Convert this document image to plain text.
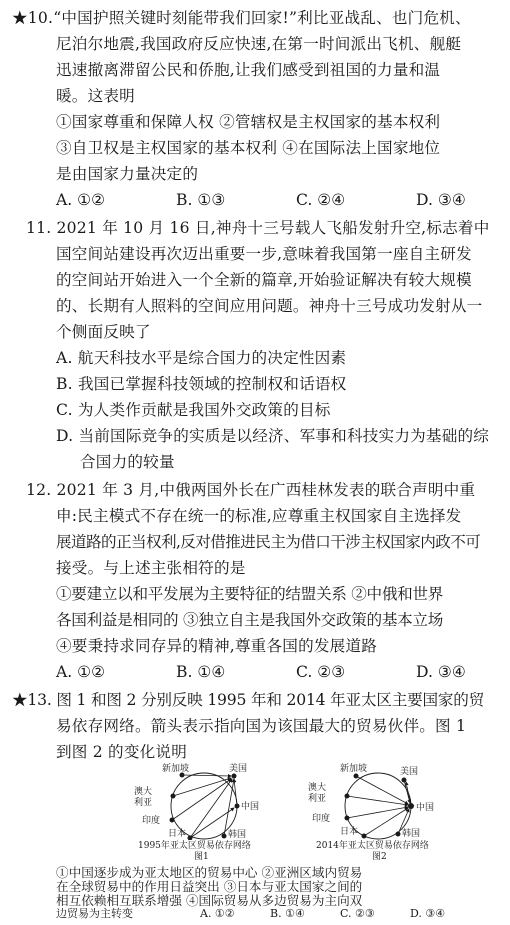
★10.“中国护照关键时刻能带我们回家!”利比亚战乱、也门危机、
尼泊尔地震,我国政府反应快速,在第一时间派出飞机、舰艇
迅速撤离滞留公民和侨胞,让我们感受到祖国的力量和温
暖。这表明
①国家尊重和保障人权 ②管辖权是主权国家的基本权利
③自卫权是主权国家的基本权利 ④在国际法上国家地位
是由国家力量决定的
A. ①②	B. ①③	C. ②④	D. ③④
11. 2021 年 10 月 16 日,神舟十三号载人飞船发射升空,标志着中
国空间站建设再次迈出重要一步,意味着我国第一座自主研发
的空间站开始进入一个全新的篇章,开始验证解决有较大规模
的、长期有人照料的空间应用问题。神舟十三号成功发射从一
个侧面反映了
A. 航天科技水平是综合国力的决定性因素
B. 我国已掌握科技领域的控制权和话语权
C. 为人类作贡献是我国外交政策的目标
D. 当前国际竞争的实质是以经济、军事和科技实力为基础的综
合国力的较量
12. 2021 年 3 月,中俄两国外长在广西桂林发表的联合声明中重
申:民主模式不存在统一的标准,应尊重主权国家自主选择发
展道路的正当权利,反对借推进民主为借口干涉主权国家内政不可
接受。与上述主张相符的是
①要建立以和平发展为主要特征的结盟关系 ②中俄和世界
各国利益是相同的 ③独立自主是我国外交政策的基本立场
④要秉持求同存异的精神,尊重各国的发展道路
A. ①②	B. ①④	C. ②③	D. ③④
★13. 图 1 和图 2 分别反映 1995 年和 2014 年亚太区主要国家的贸
易依存网络。箭头表示指向国为该国最大的贸易伙伴。图 1
到图 2 的变化说明
新加坡	美国
澳大
利亚	中国
印度
日本	韩国
1995年亚太区贸易依存网络
图1
新加坡	美国
澳大
利亚
中国
印度
日本	韩国
2014年亚太区贸易依存网络
图2
①中国逐步成为亚太地区的贸易中心 ②亚洲区域内贸易
在全球贸易中的作用日益突出 ③日本与亚太国家之间的
相互依赖相互联系增强 ④国际贸易从多边贸易为主向双
边贸易为主转变	A. ①②	B. ①④	C. ②③	D. ③④
